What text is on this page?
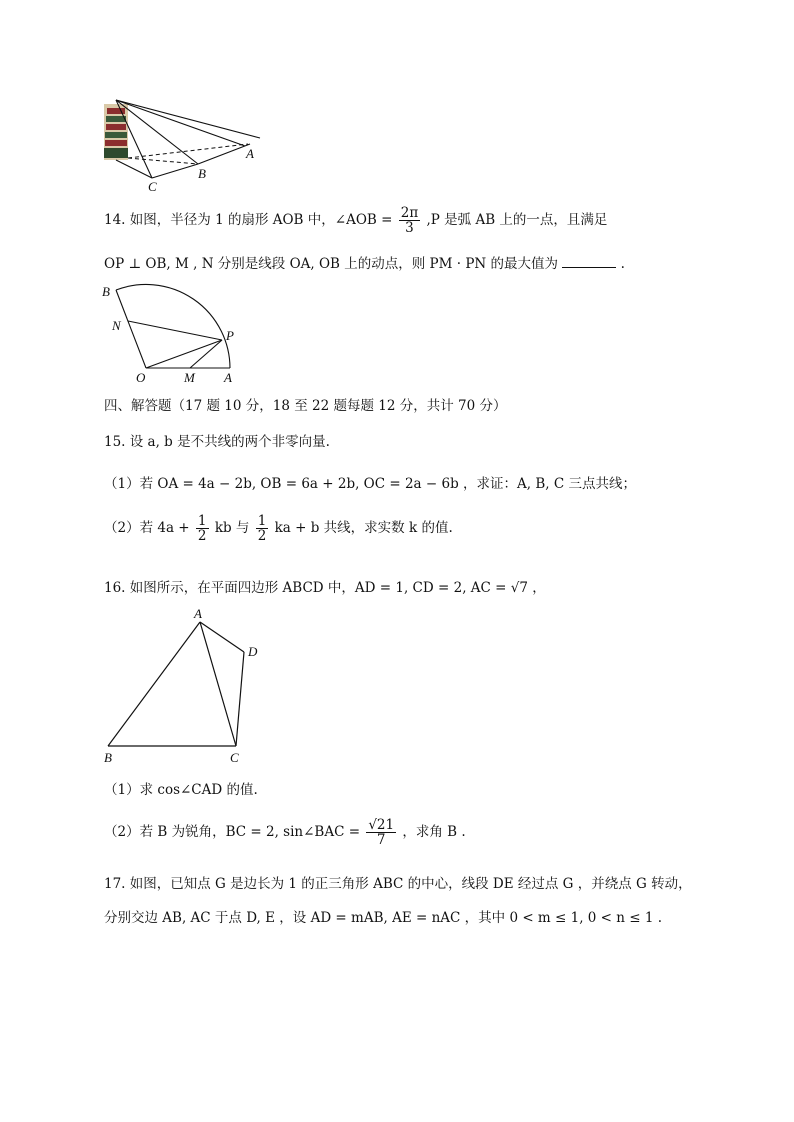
A
B
C
14. 如图，半径为 1 的扇形 AOB 中，∠AOB = $\frac{2\pi}{3} ,P$ 是弧 AB 上的一点，且满足
OP ⊥ OB, M , N 分别是线段 OA, OB 上的动点，则 PM · PN 的最大值为	.
B
N
P
O	M A
四、解答题（17 题 10 分，18 至 22 题每题 12 分，共计 70 分）
15. 设 a, b 是不共线的两个非零向量.
（1）若 OA = 4a − 2b, OB = 6a + 2b, OC = 2a − 6b ，求证：A, B, C 三点共线；
（2）若 $4a + \frac{1}{2}$ kb 与 $\frac{1}{2}$ ka + b 共线，求实数 k 的值.
16. 如图所示，在平面四边形 ABCD 中，AD = 1, CD = 2, AC = √7 ，
A
D
B	C
（1）求 cos∠CAD 的值.
（2）若 B 为锐角，BC = 2, sin∠BAC = $\frac{√21}{7}$ ，求角 B .
17. 如图，已知点 G 是边长为 1 的正三角形 ABC 的中心，线段 DE 经过点 G ，并绕点 G 转动，
分别交边 AB, AC 于点 D, E ，设 AD = mAB, AE = nAC ，其中 0 < m ≤ 1, 0 < n ≤ 1 .
